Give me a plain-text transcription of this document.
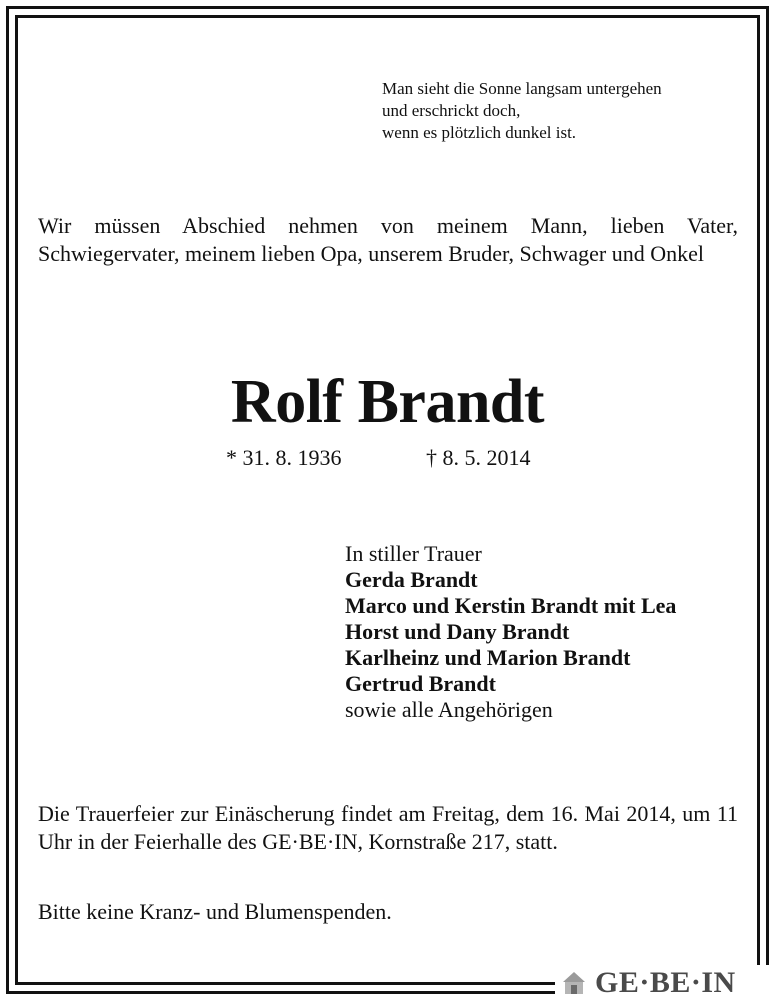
Man sieht die Sonne langsam untergehen
und erschrickt doch,
wenn es plötzlich dunkel ist.
Wir müssen Abschied nehmen von meinem Mann, lieben Vater, Schwiegervater, meinem lieben Opa, unserem Bruder, Schwager und Onkel
Rolf Brandt
* 31. 8. 1936	† 8. 5. 2014
In stiller Trauer
Gerda Brandt
Marco und Kerstin Brandt mit Lea
Horst und Dany Brandt
Karlheinz und Marion Brandt
Gertrud Brandt
sowie alle Angehörigen
Die Trauerfeier zur Einäscherung findet am Freitag, dem 16. Mai 2014, um 11 Uhr in der Feierhalle des GE·BE·IN, Kornstraße 217, statt.
Bitte keine Kranz- und Blumenspenden.
GE·BE·IN
